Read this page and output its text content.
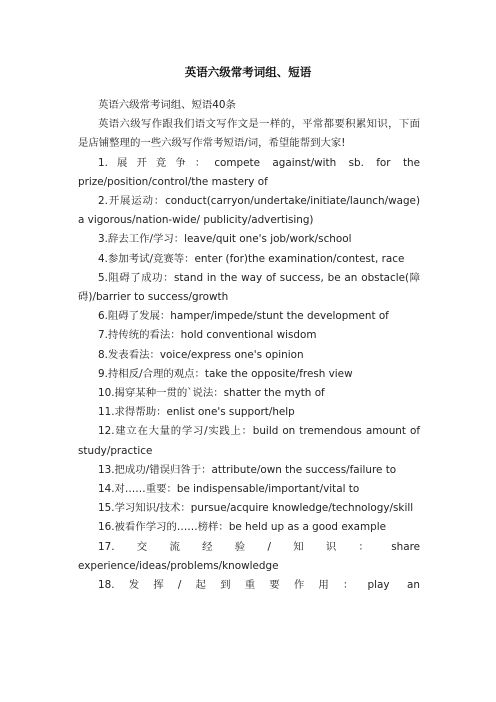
英语六级常考词组、短语

英语六级常考词组、短语40条

英语六级写作跟我们语文写作文是一样的，平常都要积累知识，下面是店铺整理的一些六级写作常考短语/词，希望能帮到大家!

1.展开竞争：compete against/with sb. for the prize/position/control/the mastery of

2.开展运动：conduct(carryon/undertake/initiate/launch/wage) a vigorous/nation-wide/ publicity/advertising)

3.辞去工作/学习：leave/quit one's job/work/school

4.参加考试/竞赛等：enter (for)the examination/contest, race

5.阻碍了成功：stand in the way of success, be an obstacle(障碍)/barrier to success/growth

6.阻碍了发展：hamper/impede/stunt the development of

7.持传统的看法：hold conventional wisdom

8.发表看法：voice/express one's opinion

9.持相反/合理的观点：take the opposite/fresh view

10.揭穿某种一贯的`说法：shatter the myth of

11.求得帮助：enlist one's support/help

12.建立在大量的学习/实践上：build on tremendous amount of study/practice

13.把成功/错误归咎于：attribute/own the success/failure to

14.对……重要：be indispensable/important/vital to

15.学习知识/技术：pursue/acquire knowledge/technology/skill

16.被看作学习的……榜样：be held up as a good example

17.交流经验/知识：share experience/ideas/problems/knowledge

18.发挥/起到重要作用：play an
